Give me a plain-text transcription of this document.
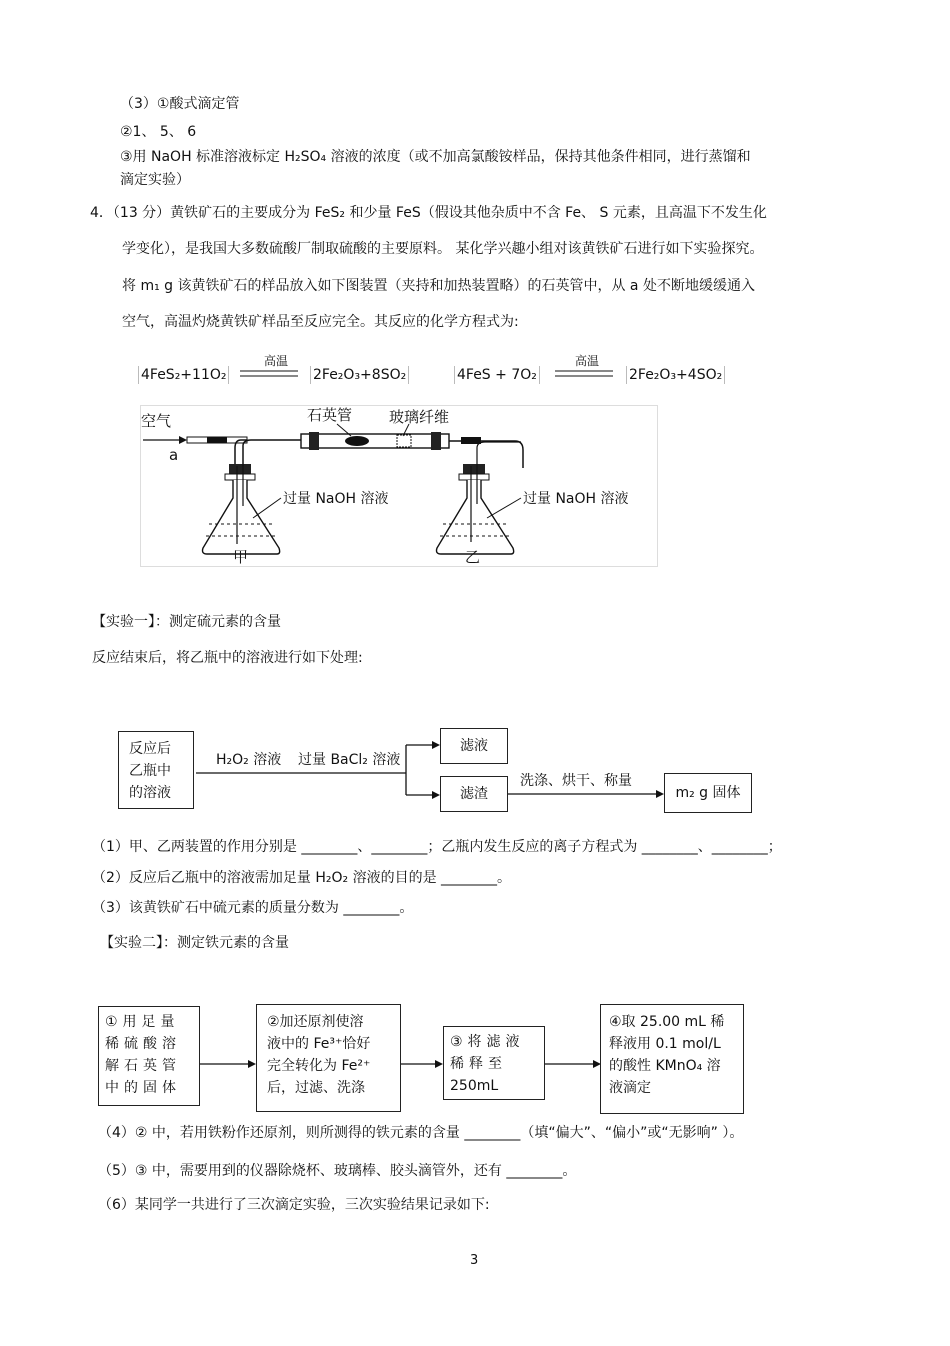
（3）①酸式滴定管
②1、 5、 6
③用 NaOH 标准溶液标定 H₂SO₄ 溶液的浓度（或不加高氯酸铵样品，保持其他条件相同，进行蒸馏和
滴定实验）
4．（13 分）黄铁矿石的主要成分为 FeS₂ 和少量 FeS（假设其他杂质中不含 Fe、 S 元素，且高温下不发生化
学变化），是我国大多数硫酸厂制取硫酸的主要原料。 某化学兴趣小组对该黄铁矿石进行如下实验探究。
将 m₁ g 该黄铁矿石的样品放入如下图装置（夹持和加热装置略）的石英管中，从 a 处不断地缓缓通入
空气，高温灼烧黄铁矿样品至反应完全。其反应的化学方程式为:
4FeS₂+11O₂
高温
2Fe₂O₃+8SO₂	4FeS + 7O₂
高温
2Fe₂O₃+4SO₂
空气
a
石英管 玻璃纤维
过量 NaOH 溶液	过量 NaOH 溶液
甲	乙
【实验一】：测定硫元素的含量
反应结束后，将乙瓶中的溶液进行如下处理:
反应后
乙瓶中
的溶液
H₂O₂ 溶液 过量 BaCl₂ 溶液
滤液
滤渣
洗涤、烘干、称量
m₂ g 固体
（1）甲、乙两装置的作用分别是 ________、________；乙瓶内发生反应的离子方程式为 ________、________；
（2）反应后乙瓶中的溶液需加足量 H₂O₂ 溶液的目的是 ________。
（3）该黄铁矿石中硫元素的质量分数为 ________。
【实验二】：测定铁元素的含量
①用足量
稀硫酸溶
解石英管
中的固体
②加还原剂使溶
液中的 Fe³⁺恰好
完全转化为 Fe²⁺
后，过滤、洗涤
③将滤液
稀释至
250mL
④取 25.00 mL 稀
释液用 0.1 mol/L
的酸性 KMnO₄ 溶
液滴定
（4）② 中，若用铁粉作还原剂，则所测得的铁元素的含量 ________（填“偏大”、“偏小”或“无影响” ）。
（5）③ 中，需要用到的仪器除烧杯、玻璃棒、胶头滴管外，还有 ________。
（6）某同学一共进行了三次滴定实验，三次实验结果记录如下:
3
